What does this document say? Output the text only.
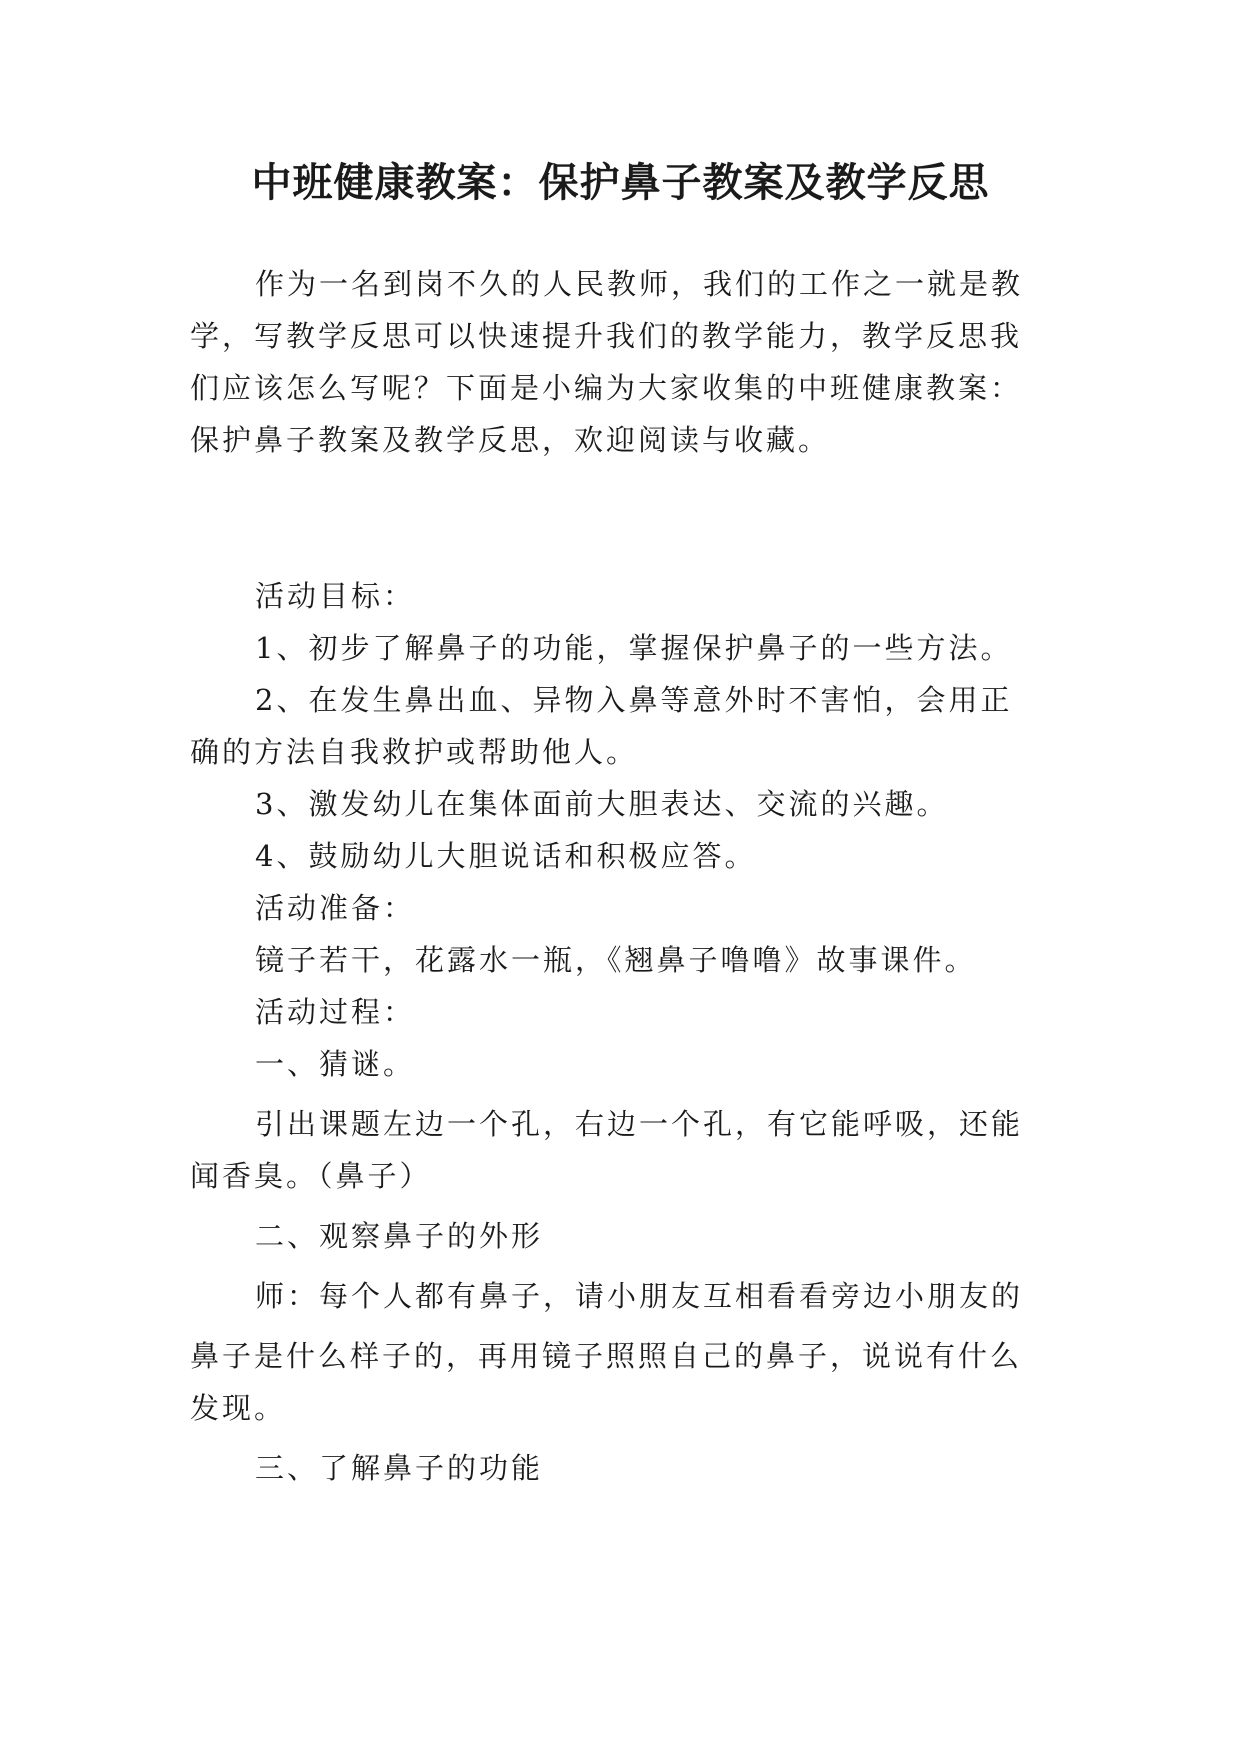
中班健康教案：保护鼻子教案及教学反思

作为一名到岗不久的人民教师，我们的工作之一就是教

学，写教学反思可以快速提升我们的教学能力，教学反思我

们应该怎么写呢？下面是小编为大家收集的中班健康教案：

保护鼻子教案及教学反思，欢迎阅读与收藏。

活动目标：

1、初步了解鼻子的功能，掌握保护鼻子的一些方法。

2、在发生鼻出血、异物入鼻等意外时不害怕，会用正

确的方法自我救护或帮助他人。

3、激发幼儿在集体面前大胆表达、交流的兴趣。

4、鼓励幼儿大胆说话和积极应答。

活动准备：

镜子若干，花露水一瓶，《翘鼻子噜噜》故事课件。

活动过程：

一、猜谜。

引出课题左边一个孔，右边一个孔，有它能呼吸，还能

闻香臭。（鼻子）

二、观察鼻子的外形

师：每个人都有鼻子，请小朋友互相看看旁边小朋友的

鼻子是什么样子的，再用镜子照照自己的鼻子，说说有什么

发现。

三、了解鼻子的功能
